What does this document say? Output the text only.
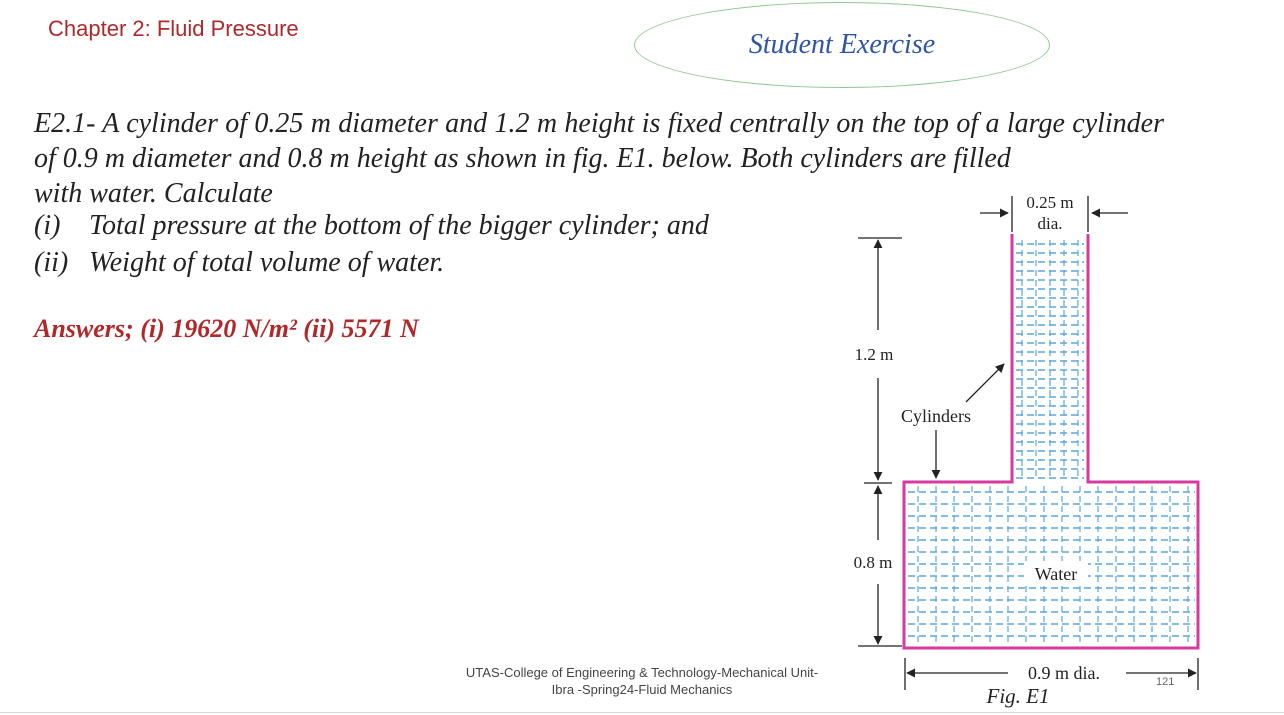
Chapter 2: Fluid Pressure
Student Exercise
E2.1- A cylinder of 0.25 m diameter and 1.2 m height is fixed centrally on the top of a large cylinder of 0.9 m diameter and 0.8 m height as shown in fig. E1. below. Both cylinders are filled
with water. Calculate
(i) Total pressure at the bottom of the bigger cylinder; and
(ii) Weight of total volume of water.
Answers; (i) 19620 N/m² (ii) 5571 N
0.25 m
dia.
1.2 m
0.8 m
Cylinders
Water
0.9 m dia.
Fig. E1
UTAS-College of Engineering & Technology-Mechanical Unit-
Ibra -Spring24-Fluid Mechanics	121
